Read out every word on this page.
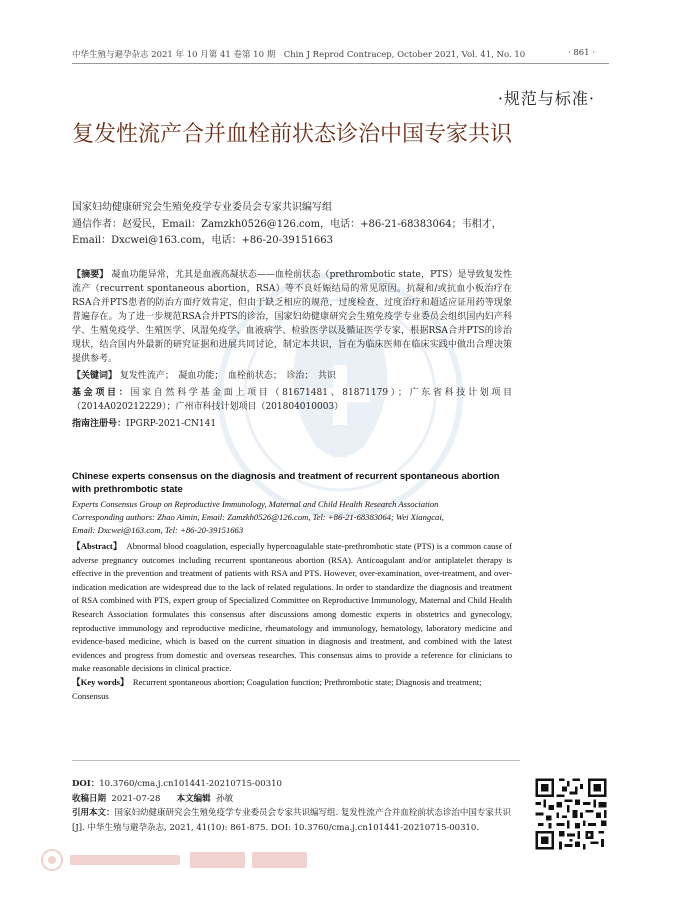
中华生殖与避孕杂志 2021 年 10 月第 41 卷第 10 期　Chin J Reprod Contracep, October 2021, Vol. 41, No. 10	· 861 ·
·规范与标准·
复发性流产合并血栓前状态诊治中国专家共识

国家妇幼健康研究会生殖免疫学专业委员会专家共识编写组

通信作者：赵爱民，Email：Zamzkh0526@126.com，电话：+86-21-68383064；韦相才，

Email：Dxcwei@163.com，电话：+86-20-39151663

【摘要】 凝血功能异常，尤其是血液高凝状态——血栓前状态（prethrombotic state，PTS）是导致复发性流产（recurrent spontaneous abortion，RSA）等不良妊娠结局的常见原因。抗凝和/或抗血小板治疗在RSA合并PTS患者的防治方面疗效肯定，但由于缺乏相应的规范，过度检查、过度治疗和超适应证用药等现象普遍存在。为了进一步规范RSA合并PTS的诊治，国家妇幼健康研究会生殖免疫学专业委员会组织国内妇产科学、生殖免疫学、生殖医学、风湿免疫学、血液病学、检验医学以及循证医学专家，根据RSA合并PTS的诊治现状，结合国内外最新的研究证据和进展共同讨论，制定本共识，旨在为临床医师在临床实践中做出合理决策提供参考。

【关键词】 复发性流产；　凝血功能；　血栓前状态；　诊治；　共识

基金项目：国家自然科学基金面上项目（81671481、81871179）；广东省科技计划项目（2014A020212229）；广州市科技计划项目（201804010003）

指南注册号：IPGRP-2021-CN141

Chinese experts consensus on the diagnosis and treatment of recurrent spontaneous abortion with prethrombotic state

Experts Consensus Group on Reproductive Immunology, Maternal and Child Health Research Association

Corresponding authors: Zhao Aimin, Email: Zamzkh0526@126.com, Tel: +86-21-68383064; Wei Xiangcai,

Email: Dxcwei@163.com, Tel: +86-20-39151663

【Abstract】 Abnormal blood coagulation, especially hypercoagulable state-prethrombotic state (PTS) is a common cause of adverse pregnancy outcomes including recurrent spontaneous abortion (RSA). Anticoagulant and/or antiplatelet therapy is effective in the prevention and treatment of patients with RSA and PTS. However, over-examination, over-treatment, and over-indication medication are widespread due to the lack of related regulations. In order to standardize the diagnosis and treatment of RSA combined with PTS, expert group of Specialized Committee on Reproductive Immunology, Maternal and Child Health Research Association formulates this consensus after discussions among domestic experts in obstetrics and gynecology, reproductive immunology and reproductive medicine, rheumatology and immunology, hematology, laboratory medicine and evidence-based medicine, which is based on the current situation in diagnosis and treatment, and combined with the latest evidences and progress from domestic and overseas researches. This consensus aims to provide a reference for clinicians to make reasonable decisions in clinical practice.

【Key words】 Recurrent spontaneous abortion; Coagulation function; Prethrombotic state; Diagnosis and treatment; Consensus

DOI：10.3760/cma.j.cn101441-20210715-00310

收稿日期 2021-07-28 本文编辑 孙敏

引用本文：国家妇幼健康研究会生殖免疫学专业委员会专家共识编写组. 复发性流产合并血栓前状态诊治中国专家共识[J]. 中华生殖与避孕杂志, 2021, 41(10): 861-875. DOI: 10.3760/cma.j.cn101441-20210715-00310.
